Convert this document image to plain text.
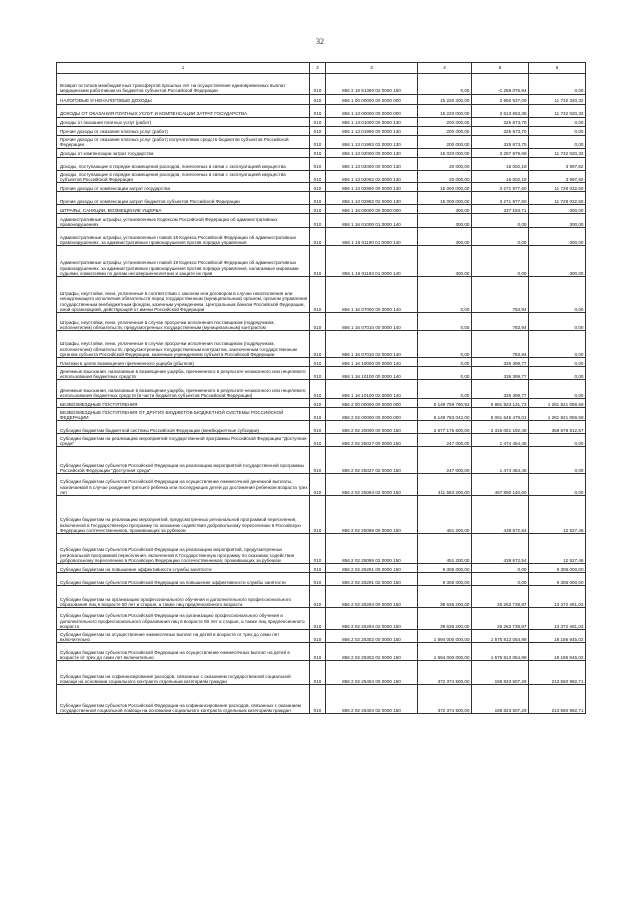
32
1	2	3	4	5	6
Возврат остатков межбюджетных трансфертов прошлых лет на осуществление единовременных выплат медицинским работникам из бюджетов субъектов Российской Федерации	010	856 2 19 51360 02 0000 150	0,00	-1 258 075,94	0,00
НАЛОГОВЫЕ И НЕНАЛОГОВЫЕ ДОХОДЫ	010	856 1 00 00000 00 0000 000	15 220 300,00	3 950 637,09	11 732 320,32
ДОХОДЫ ОТ ОКАЗАНИЯ ПЛАТНЫХ УСЛУГ И КОМПЕНСАЦИИ ЗАТРАТ ГОСУДАРСТВА	010	856 1 13 00000 00 0000 000	15 220 000,00	3 613 653,38	11 732 020,32
Доходы от оказания платных услуг (работ)	010	856 1 13 01000 00 0000 130	200 000,00	325 673,70	0,00
Прочие доходы от оказания платных услуг (работ)	010	856 1 13 01990 00 0000 130	200 000,00	325 673,70	0,00
Прочие доходы от оказания платных услуг (работ) получателями средств бюджетов субъектов Российской Федерации	010	856 1 13 01992 02 0000 130	200 000,00	325 673,70	0,00
Доходы от компенсации затрат государства	010	856 1 13 02000 00 0000 130	15 020 000,00	3 287 979,68	11 732 020,32
Доходы, поступающие в порядке возмещения расходов, понесенных в связи с эксплуатацией имущества	010	856 1 13 02060 00 0000 130	20 000,00	16 002,18	3 997,82
Доходы, поступающие в порядке возмещения расходов, понесенных в связи с эксплуатацией имущества субъектов Российской Федерации	010	856 1 13 02062 02 0000 130	20 000,00	16 002,18	3 997,82
Прочие доходы от компенсации затрат государства	010	856 1 13 02990 00 0000 130	15 000 000,00	3 271 977,50	11 728 022,50
Прочие доходы от компенсации затрат бюджетов субъектов Российской Федерации	010	856 1 13 02992 02 0000 130	15 000 000,00	3 271 977,50	11 728 022,50
ШТРАФЫ, САНКЦИИ, ВОЗМЕЩЕНИЕ УЩЕРБА	010	856 1 16 00000 00 0000 000	300,00	337 183,71	300,00
Административные штрафы, установленные Кодексом Российской Федерации об административных правонарушениях	010	856 1 16 01000 01 0000 140	300,00	0,00	300,00
Административные штрафы, установленные главой 19 Кодекса Российской Федерации об административных правонарушениях, за административные правонарушения против порядка управления	010	856 1 16 01190 01 0000 140	300,00	0,00	300,00
Административные штрафы, установленные главой 19 Кодекса Российской Федерации об административных правонарушениях, за административные правонарушения против порядка управления, налагаемые мировыми судьями, комиссиями по делам несовершеннолетних и защите их прав	010	856 1 16 01193 01 0000 140	300,00	0,00	300,00
Штрафы, неустойки, пени, уплаченные в соответствии с законом или договором в случае неисполнения или ненадлежащего исполнения обязательств перед государственным (муниципальным) органом, органом управления государственным внебюджетным фондом, казенным учреждением, Центральным банком Российской Федерации, иной организацией, действующей от имени Российской Федерации	010	856 1 16 07000 00 0000 140	0,00	783,94	0,00
Штрафы, неустойки, пени, уплаченные в случае просрочки исполнения поставщиком (подрядчиком, исполнителем) обязательств, предусмотренных государственным (муниципальным) контрактом	010	856 1 16 07010 00 0000 140	0,00	783,94	0,00
Штрафы, неустойки, пени, уплаченные в случае просрочки исполнения поставщиком (подрядчиком, исполнителем) обязательств, предусмотренных государственным контрактом, заключенным государственным органом субъекта Российской Федерации, казенным учреждением субъекта Российской Федерации	010	856 1 16 07010 02 0000 140	0,00	783,94	0,00
Платежи в целях возмещения причиненного ущерба (убытков)	010	856 1 16 10000 00 0000 140	0,00	336 399,77	0,00
Денежные взыскания, налагаемые в возмещение ущерба, причиненного в результате незаконного или нецелевого использования бюджетных средств	010	856 1 16 10100 00 0000 140	0,00	336 399,77	0,00
Денежные взыскания, налагаемые в возмещение ущерба, причиненного в результате незаконного или нецелевого использования бюджетных средств (в части бюджетов субъектов Российской Федерации)	010	856 1 16 10100 02 0000 140	0,00	336 399,77	0,00
БЕЗВОЗМЕЗДНЫЕ ПОСТУПЛЕНИЯ	010	856 2 00 00000 00 0000 000	5 149 759 790,92	5 881 923 131,73	1 281 821 059,58
БЕЗВОЗМЕЗДНЫЕ ПОСТУПЛЕНИЯ ОТ ДРУГИХ БЮДЖЕТОВ БЮДЖЕТНОЙ СИСТЕМЫ РОССИЙСКОЙ ФЕДЕРАЦИИ	010	856 2 02 00000 00 0000 000	5 149 783 042,00	5 061 645 479,01	1 281 821 059,58
Субсидии бюджетам бюджетной системы Российской Федерации (межбюджетные субсидии)	010	856 2 02 20000 00 0000 150	2 577 175 600,00	2 316 051 192,48	359 678 812,57
Субсидии бюджетам на реализацию мероприятий государственной программы Российской Федерации "Доступная среда"	010	856 2 02 25027 00 0000 150	247 000,00	1 474 454,45	0,00
Субсидии бюджетам субъектов Российской Федерации на реализацию мероприятий государственной программы Российской Федерации "Доступная среда"	010	856 2 02 25027 02 0000 150	247 000,00	1 474 454,45	0,00
Субсидии бюджетам субъектов Российской Федерации на осуществление ежемесячной денежной выплаты, назначаемой в случае рождения третьего ребенка или последующих детей до достижения ребенком возраста трех лет	010	856 2 02 25084 02 0000 150	411 583 200,00	467 890 140,60	0,00
Субсидии бюджетам на реализацию мероприятий, предусмотренных региональной программой переселения, включенной в Государственную программу по оказанию содействия добровольному переселению в Российскую Федерацию соотечественников, проживающих за рубежом	010	856 2 02 25086 00 0000 150	451 200,00	438 672,54	12 527,46
Субсидии бюджетам субъектов Российской Федерации на реализацию мероприятий, предусмотренных региональной программой переселения, включенной в Государственную программу по оказанию содействия добровольному переселению в Российскую Федерацию соотечественников, проживающих за рубежом	010	856 2 02 25086 02 0000 150	451 200,00	438 672,54	12 527,46
Субсидии бюджетам на повышение эффективности службы занятости	010	856 2 02 25291 00 0000 150	9 306 000,00	0,00	9 306 000,00
Субсидии бюджетам субъектов Российской Федерации на повышение эффективности службы занятости	010	856 2 02 25291 02 0000 150	9 306 000,00	0,00	9 306 000,00
Субсидии бюджетам на организацию профессионального обучения и дополнительного профессионального образования лиц в возрасте 50 лет и старше, а также лиц предпенсионного возраста	010	856 2 02 25294 00 0000 150	38 636 200,00	25 263 738,97	13 372 461,03
Субсидии бюджетам субъектов Российской Федерации на организацию профессионального обучения и дополнительного профессионального образования лиц в возрасте 50 лет и старше, а также лиц предпенсионного возраста	010	856 2 02 25294 02 0000 150	38 636 200,00	25 263 738,97	13 372 461,03
Субсидии бюджетам на осуществление ежемесячных выплат на детей в возрасте от трех до семи лет включительно	010	856 2 02 25302 00 0000 150	1 594 000 000,00	1 575 813 054,98	18 186 945,02
Субсидии бюджетам субъектов Российской Федерации на осуществление ежемесячных выплат на детей в возрасте от трех до семи лет включительно	010	856 2 02 25302 02 0000 150	1 594 000 000,00	1 575 813 054,98	18 186 945,02
Субсидии бюджетам на софинансирование расходов, связанных с оказанием государственной социальной помощи на основании социального контракта отдельным категориям граждан	010	856 2 02 25404 00 0000 150	372 374 500,00	158 823 507,29	213 550 992,71
Субсидии бюджетам субъектов Российской Федерации на софинансирование расходов, связанных с оказанием государственной социальной помощи на основании социального контракта отдельным категориям граждан	010	856 2 02 25404 02 0000 150	372 374 500,00	158 823 507,29	213 550 992,71
